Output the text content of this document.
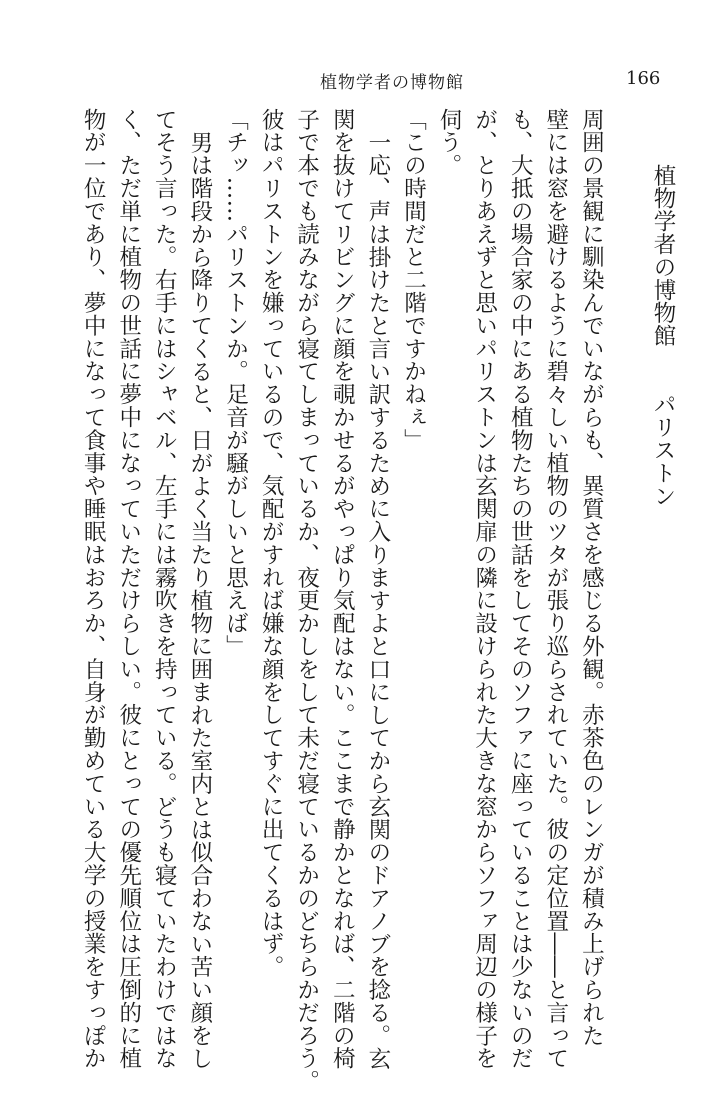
植物学者の博物館	166
植物学者の博物館　　パリストン
周囲の景観に馴染んでいながらも、異質さを感じる外観。赤茶色のレンガが積み上げられた
壁には窓を避けるように碧々しい植物のツタが張り巡らされていた。彼の定位置――と言って
も、大抵の場合家の中にある植物たちの世話をしてそのソファに座っていることは少ないのだ
が、とりあえずと思いパリストンは玄関扉の隣に設けられた大きな窓からソファ周辺の様子を
伺う。
「この時間だと二階ですかねぇ」
一応、声は掛けたと言い訳するために入りますよと口にしてから玄関のドアノブを捻る。玄
関を抜けてリビングに顔を覗かせるがやっぱり気配はない。ここまで静かとなれば、二階の椅
子で本でも読みながら寝てしまっているか、夜更かしをして未だ寝ているかのどちらかだろう。
彼はパリストンを嫌っているので、気配がすれば嫌な顔をしてすぐに出てくるはず。
「チッ……パリストンか。足音が騒がしいと思えば」
男は階段から降りてくると、日がよく当たり植物に囲まれた室内とは似合わない苦い顔をし
てそう言った。右手にはシャベル、左手には霧吹きを持っている。どうも寝ていたわけではな
く、ただ単に植物の世話に夢中になっていただけらしい。彼にとっての優先順位は圧倒的に植
物が一位であり、夢中になって食事や睡眠はおろか、自身が勤めている大学の授業をすっぽか
